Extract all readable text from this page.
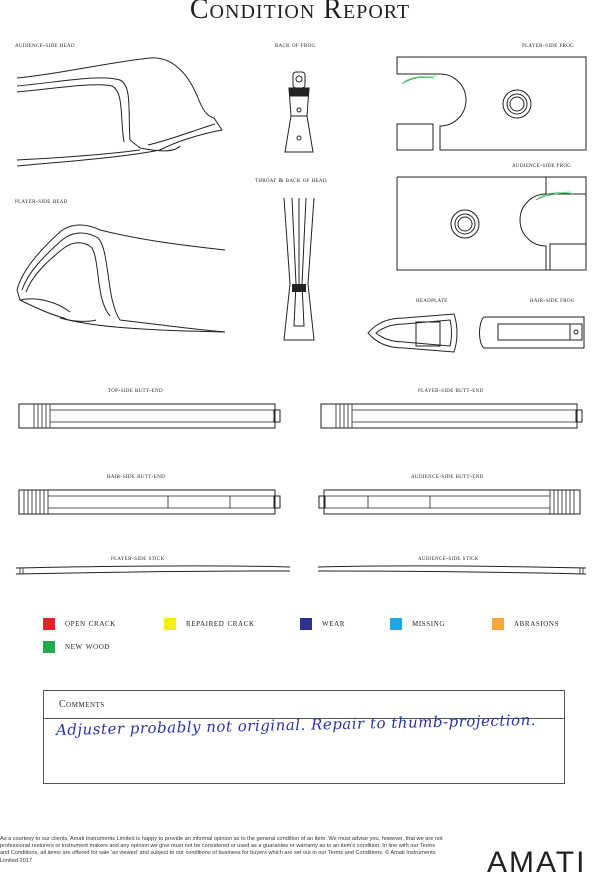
Condition Report
audience-side head	back of frog	player-side frog
audience-side frog
throat & back of head
player-side head
headplate	hair-side frog
top-side butt-end	player-side butt-end
hair-side butt-end	audience-side butt-end
player-side stick	audience-side stick
open crack	repaired crack	wear	missing	abrasions
new wood
Comments
Adjuster probably not original. Repair to thumb-projection.
As a courtesy to our clients, Amati Instruments Limited is happy to provide an informal opinion as to the general condition of an item. We must advise you, however, that we are not professional restorers or instrument makers and any opinion we give must not be considered or used as a guarantee or warranty as to an item's condition. In line with our Terms and Conditions, all items are offered for sale 'as viewed' and subject to our conditions of business for buyers which are set out in our Terms and Conditions. © Amati Instruments Limited 2017	AMATI
